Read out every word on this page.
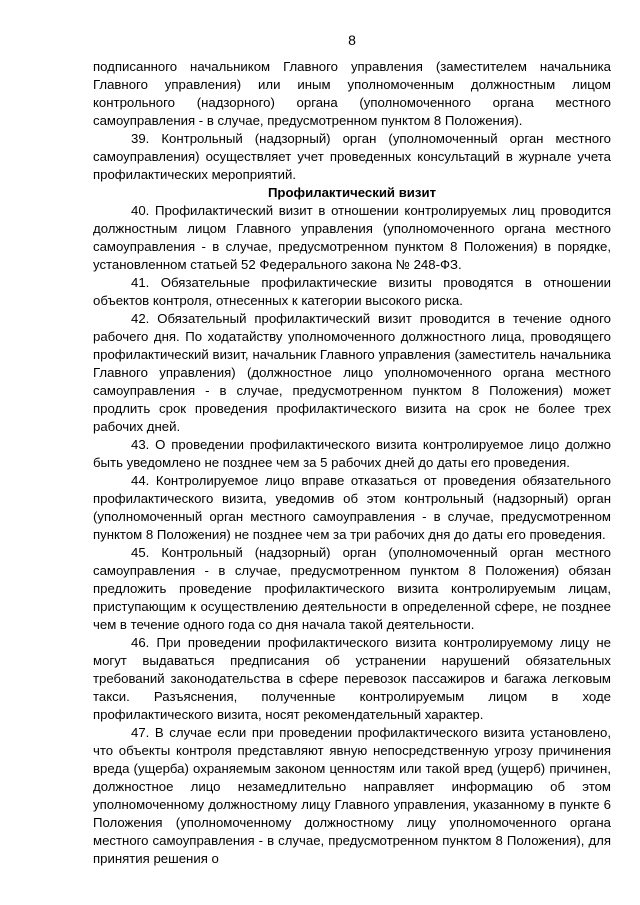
8

подписанного начальником Главного управления (заместителем начальника Главного управления) или иным уполномоченным должностным лицом контрольного (надзорного) органа (уполномоченного органа местного самоуправления - в случае, предусмотренном пунктом 8 Положения).

39. Контрольный (надзорный) орган (уполномоченный орган местного самоуправления) осуществляет учет проведенных консультаций в журнале учета профилактических мероприятий.

Профилактический визит

40. Профилактический визит в отношении контролируемых лиц проводится должностным лицом Главного управления (уполномоченного органа местного самоуправления - в случае, предусмотренном пунктом 8 Положения) в порядке, установленном статьей 52 Федерального закона № 248-ФЗ.

41. Обязательные профилактические визиты проводятся в отношении объектов контроля, отнесенных к категории высокого риска.

42. Обязательный профилактический визит проводится в течение одного рабочего дня. По ходатайству уполномоченного должностного лица, проводящего профилактический визит, начальник Главного управления (заместитель начальника Главного управления) (должностное лицо уполномоченного органа местного самоуправления - в случае, предусмотренном пунктом 8 Положения) может продлить срок проведения профилактического визита на срок не более трех рабочих дней.

43. О проведении профилактического визита контролируемое лицо должно быть уведомлено не позднее чем за 5 рабочих дней до даты его проведения.

44. Контролируемое лицо вправе отказаться от проведения обязательного профилактического визита, уведомив об этом контрольный (надзорный) орган (уполномоченный орган местного самоуправления - в случае, предусмотренном пунктом 8 Положения) не позднее чем за три рабочих дня до даты его проведения.

45. Контрольный (надзорный) орган (уполномоченный орган местного самоуправления - в случае, предусмотренном пунктом 8 Положения) обязан предложить проведение профилактического визита контролируемым лицам, приступающим к осуществлению деятельности в определенной сфере, не позднее чем в течение одного года со дня начала такой деятельности.

46. При проведении профилактического визита контролируемому лицу не могут выдаваться предписания об устранении нарушений обязательных требований законодательства в сфере перевозок пассажиров и багажа легковым такси. Разъяснения, полученные контролируемым лицом в ходе профилактического визита, носят рекомендательный характер.

47. В случае если при проведении профилактического визита установлено, что объекты контроля представляют явную непосредственную угрозу причинения вреда (ущерба) охраняемым законом ценностям или такой вред (ущерб) причинен, должностное лицо незамедлительно направляет информацию об этом уполномоченному должностному лицу Главного управления, указанному в пункте 6 Положения (уполномоченному должностному лицу уполномоченного органа местного самоуправления - в случае, предусмотренном пунктом 8 Положения), для принятия решения о
